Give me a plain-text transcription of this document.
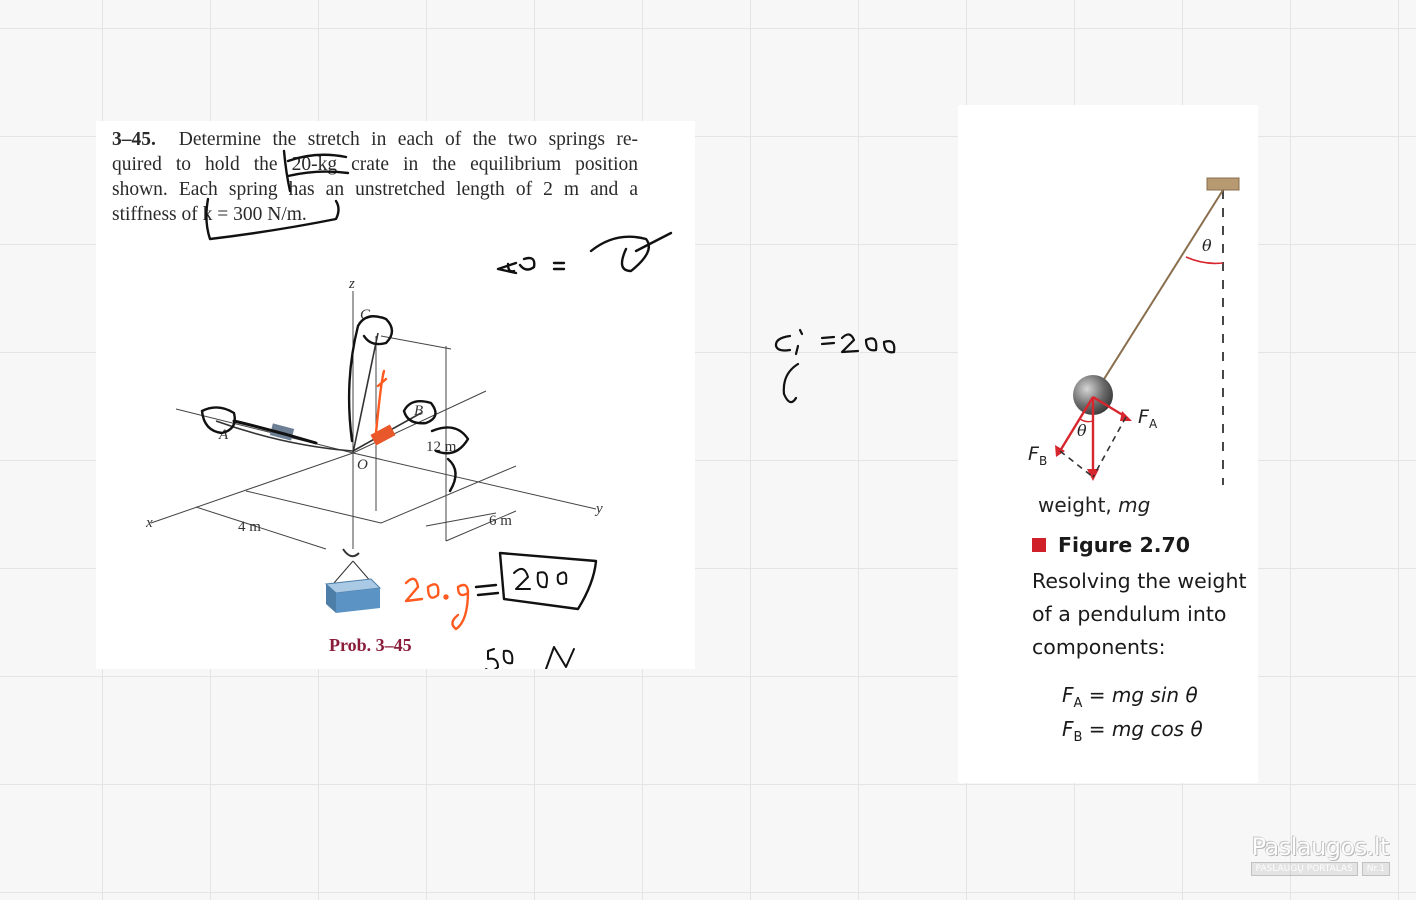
3–45. Determine the stretch in each of the two springs re-
quired to hold the 20-kg crate in the equilibrium position
shown. Each spring has an unstretched length of 2 m and a
stiffness of k = 300 N/m.
z
x
y
A
B
C
O
4 m	6 m
12 m
Prob. 3–45
θ
θ
$F_A$
$F_B$
weight, mg
Figure 2.70
Resolving the weight of a pendulum into components:
$F_A$ = mg sin θ
$F_B$ = mg cos θ
Paslaugos.lt
PASLAUGŲ PORTALAS	Nr.1
